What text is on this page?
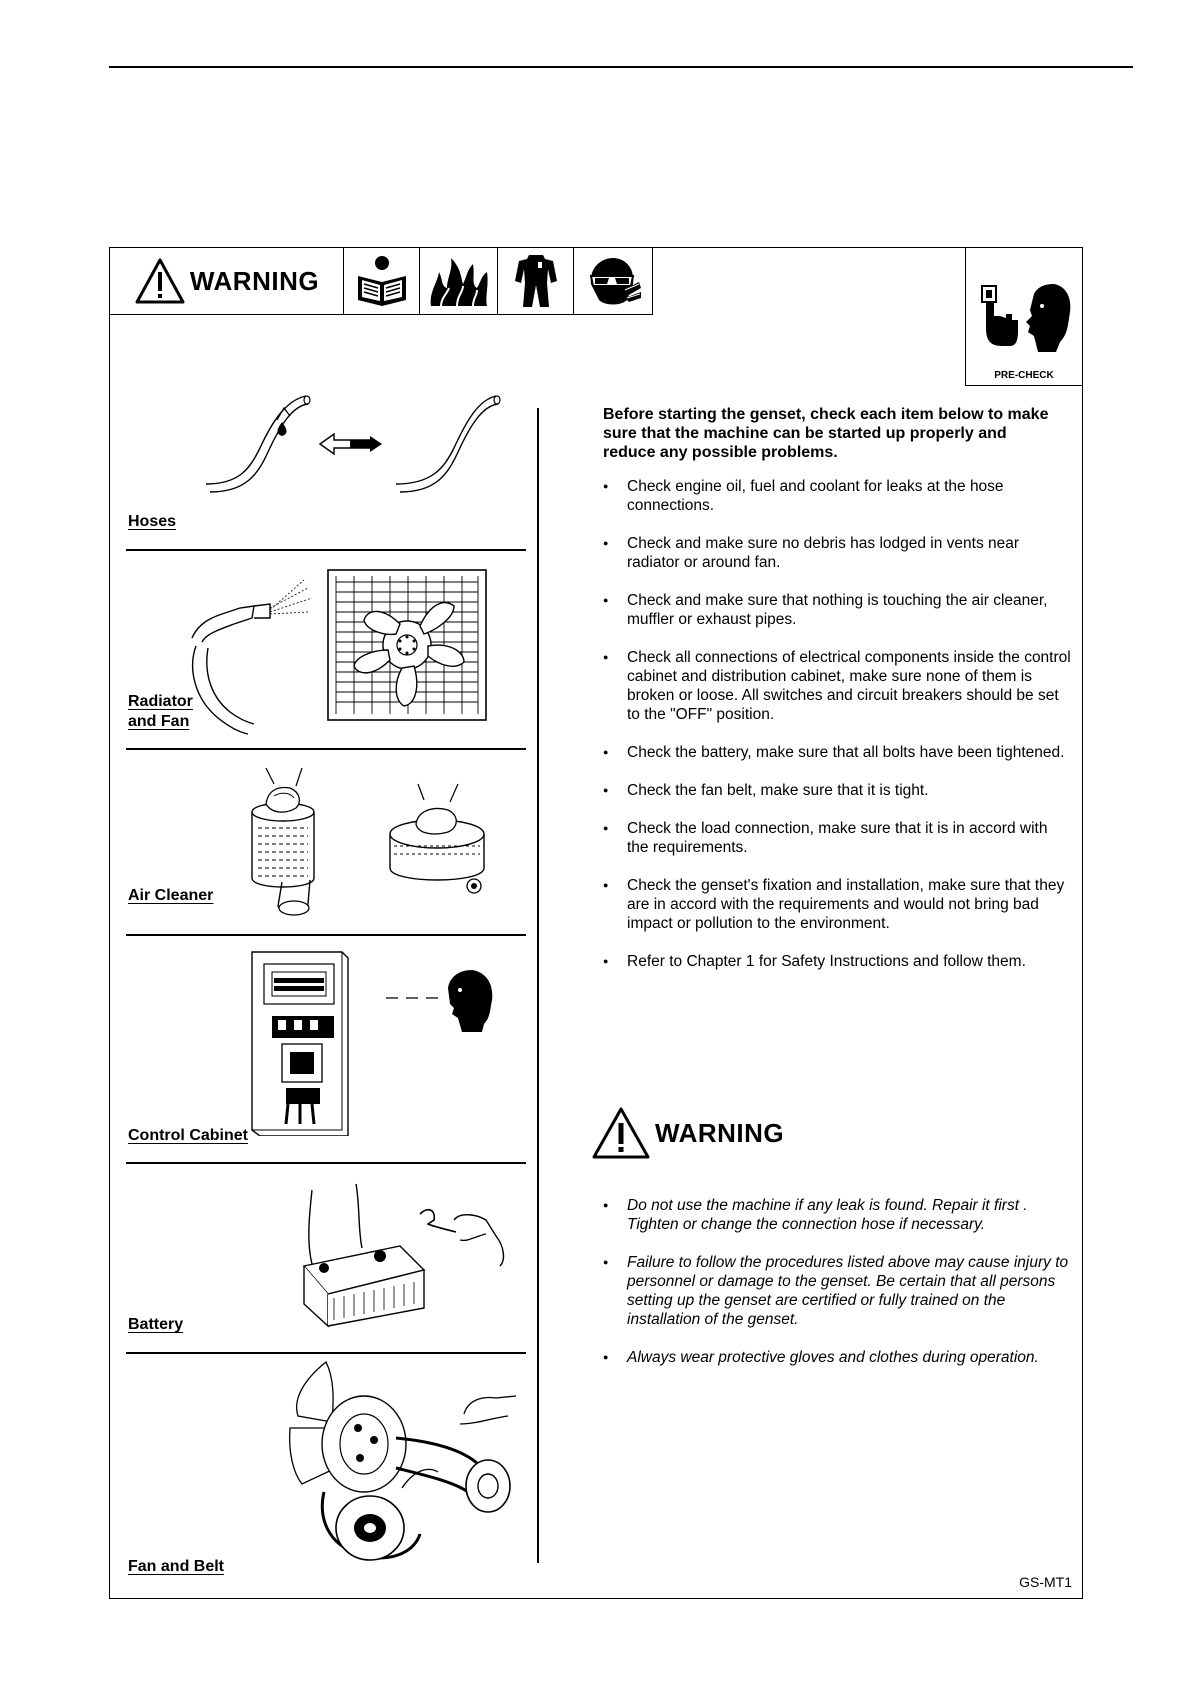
WARNING
PRE-CHECK
Hoses
Radiator
and Fan
Air Cleaner
Control Cabinet
Battery
Fan and Belt

Before starting the genset, check each item below to make sure that the machine can be started up properly and reduce any possible problems.

● Check engine oil, fuel and coolant for leaks at the hose connections.
● Check and make sure no debris has lodged in vents near radiator or around fan.
● Check and make sure that nothing is touching the air cleaner, muffler or exhaust pipes.
● Check all connections of electrical components inside the control cabinet and distribution cabinet, make sure none of them is broken or loose. All switches and circuit breakers should be set to the "OFF" position.
● Check the battery, make sure that all bolts have been tightened.
● Check the fan belt, make sure that it is tight.
● Check the load connection, make sure that it is in accord with the requirements.
● Check the genset's fixation and installation, make sure that they are in accord with the requirements and would not bring bad impact or pollution to the environment.
● Refer to Chapter 1 for Safety Instructions and follow them.
WARNING
● Do not use the machine if any leak is found. Repair it first . Tighten or change the connection hose if necessary.
● Failure to follow the procedures listed above may cause injury to personnel or damage to the genset. Be certain that all persons setting up the genset are certified or fully trained on the installation of the genset.
● Always wear protective gloves and clothes during operation.
GS-MT1
